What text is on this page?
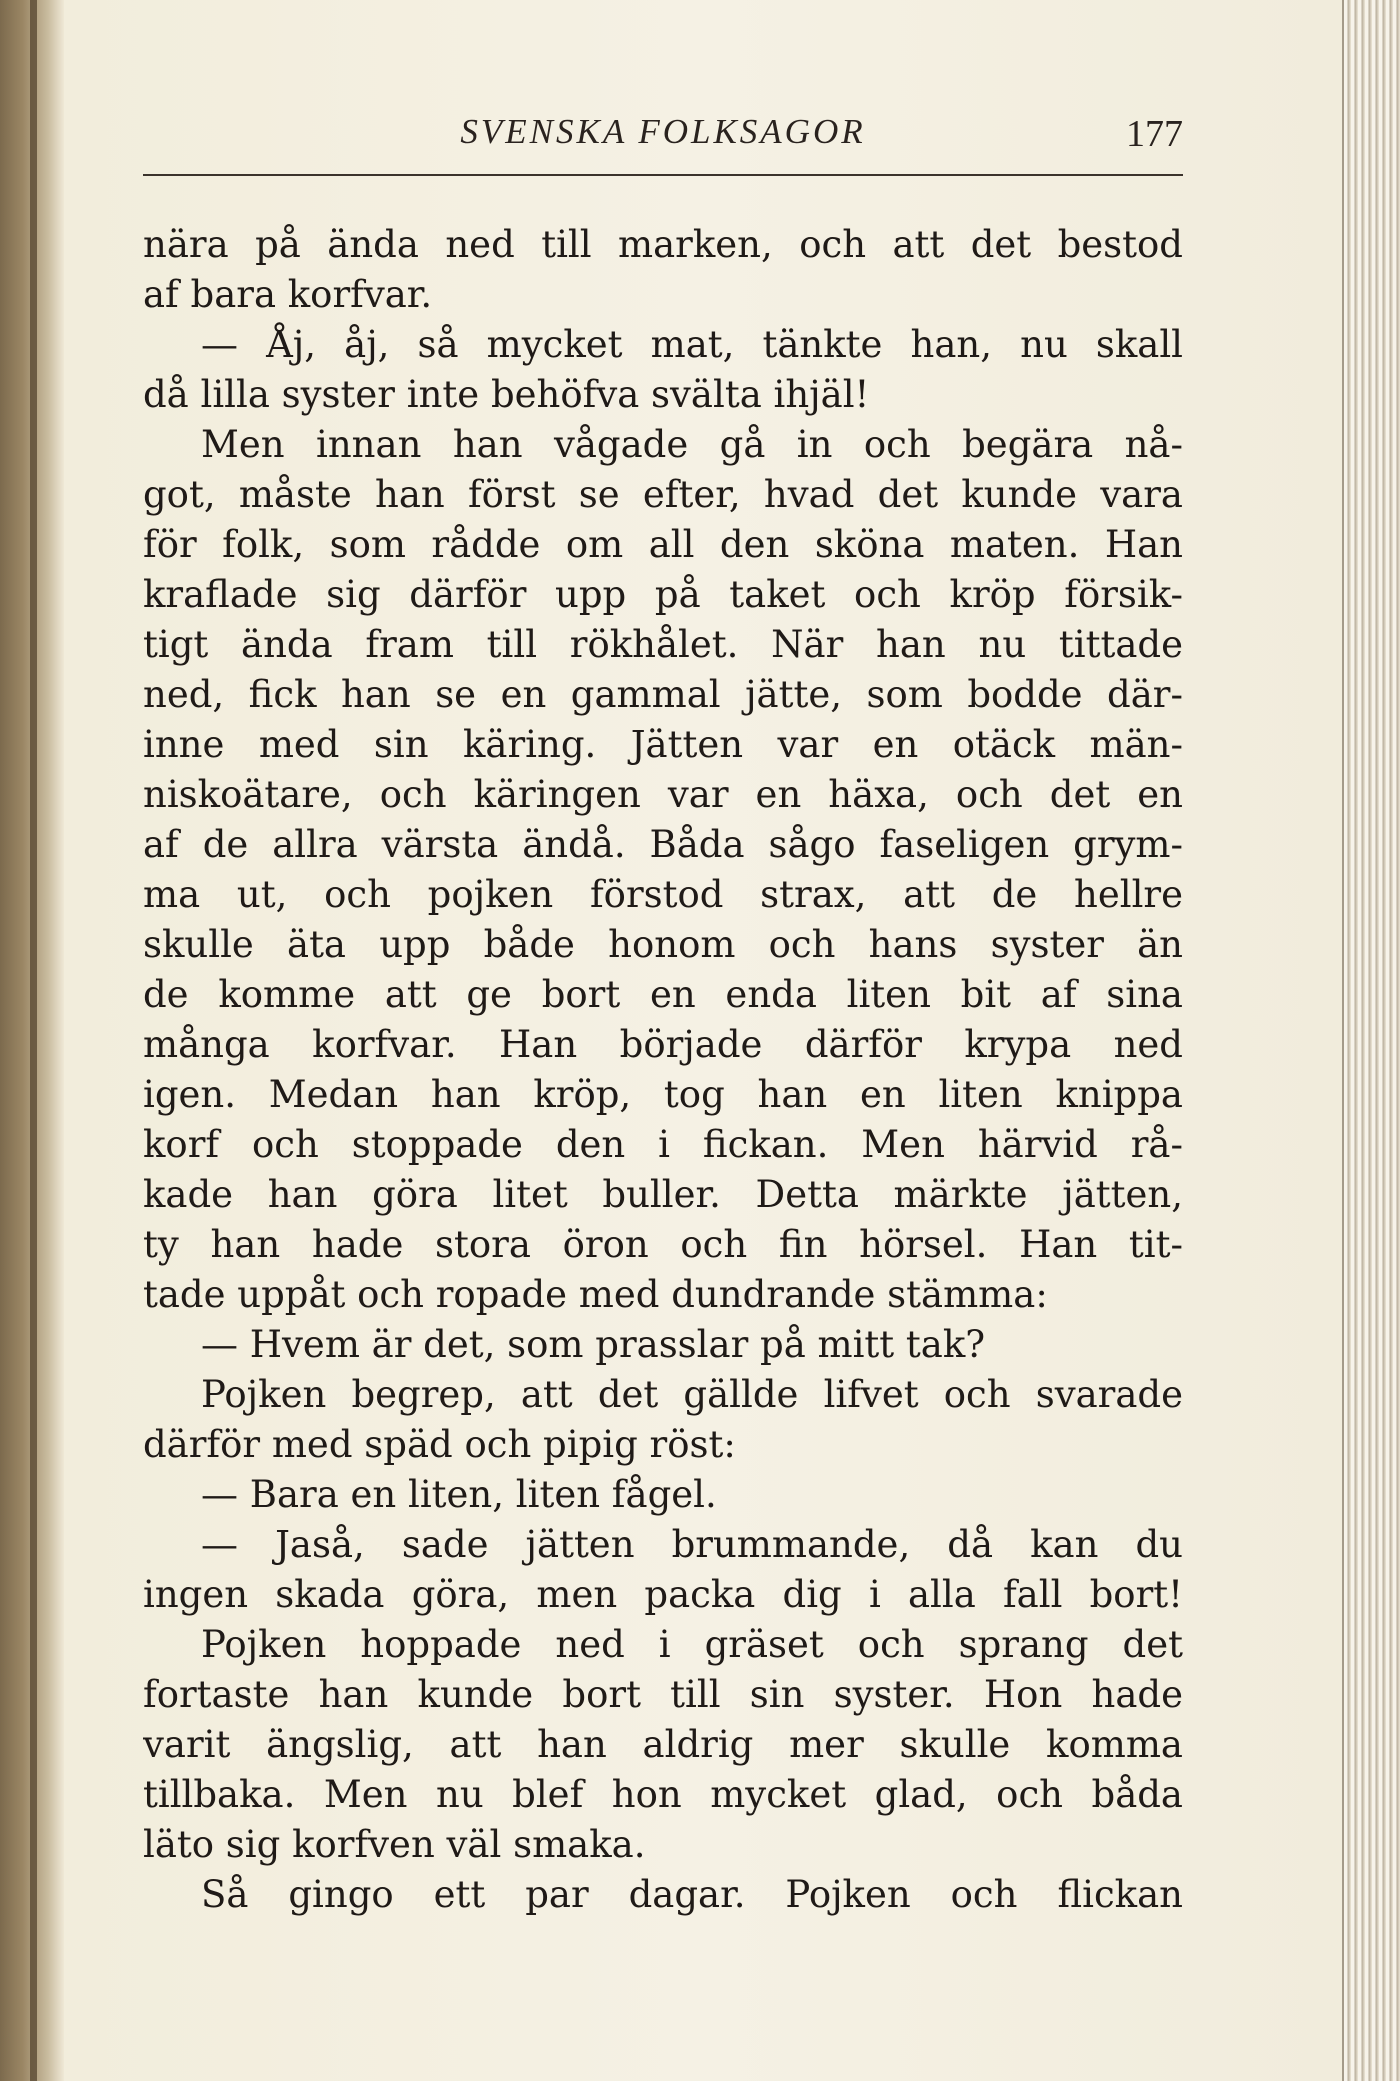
SVENSKA FOLKSAGOR	177
nära på ända ned till marken, och att det bestod
af bara korfvar.
— Åj, åj, så mycket mat, tänkte han, nu skall
då lilla syster inte behöfva svälta ihjäl!
Men innan han vågade gå in och begära nå-
got, måste han först se efter, hvad det kunde vara
för folk, som rådde om all den sköna maten. Han
kraflade sig därför upp på taket och kröp försik-
tigt ända fram till rökhålet. När han nu tittade
ned, fick han se en gammal jätte, som bodde där-
inne med sin käring. Jätten var en otäck män-
niskoätare, och käringen var en häxa, och det en
af de allra värsta ändå. Båda sågo faseligen grym-
ma ut, och pojken förstod strax, att de hellre
skulle äta upp både honom och hans syster än
de komme att ge bort en enda liten bit af sina
många korfvar. Han började därför krypa ned
igen. Medan han kröp, tog han en liten knippa
korf och stoppade den i fickan. Men härvid rå-
kade han göra litet buller. Detta märkte jätten,
ty han hade stora öron och fin hörsel. Han tit-
tade uppåt och ropade med dundrande stämma:
— Hvem är det, som prasslar på mitt tak?
Pojken begrep, att det gällde lifvet och svarade
därför med späd och pipig röst:
— Bara en liten, liten fågel.
— Jaså, sade jätten brummande, då kan du
ingen skada göra, men packa dig i alla fall bort!
Pojken hoppade ned i gräset och sprang det
fortaste han kunde bort till sin syster. Hon hade
varit ängslig, att han aldrig mer skulle komma
tillbaka. Men nu blef hon mycket glad, och båda
läto sig korfven väl smaka.
Så gingo ett par dagar. Pojken och flickan
